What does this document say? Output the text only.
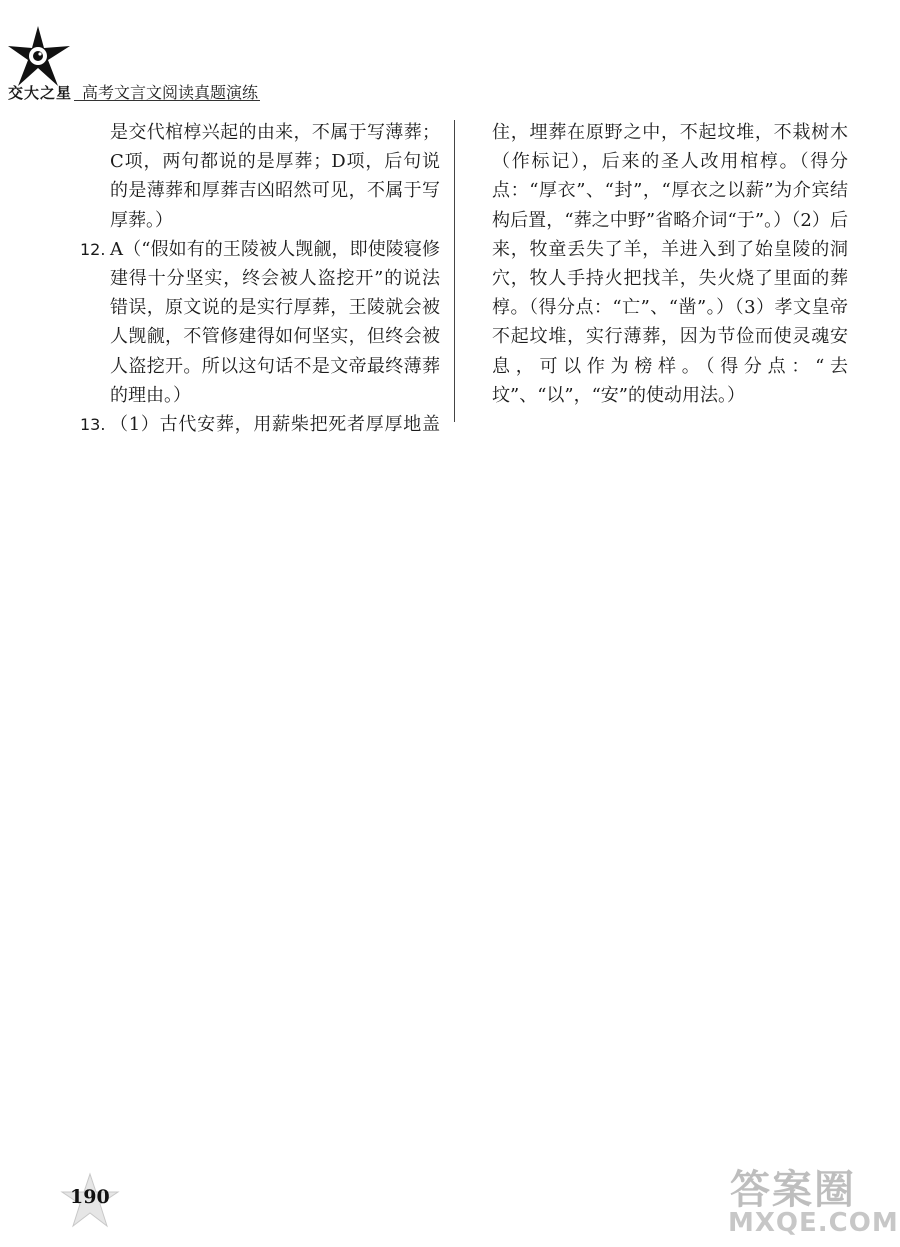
交大之星 高考文言文阅读真题演练
是交代棺椁兴起的由来，不属于写薄葬；C项，两句都说的是厚葬；D项，后句说的是薄葬和厚葬吉凶昭然可见，不属于写厚葬。）
12. A（“假如有的王陵被人觊觎，即使陵寝修建得十分坚实，终会被人盗挖开”的说法错误，原文说的是实行厚葬，王陵就会被人觊觎，不管修建得如何坚实，但终会被人盗挖开。所以这句话不是文帝最终薄葬的理由。）
13. （1）古代安葬，用薪柴把死者厚厚地盖
住，埋葬在原野之中，不起坟堆，不栽树木（作标记），后来的圣人改用棺椁。（得分点：“厚衣”、“封”，“厚衣之以薪”为介宾结构后置，“葬之中野”省略介词“于”。）（2）后来，牧童丢失了羊，羊进入到了始皇陵的洞穴，牧人手持火把找羊，失火烧了里面的葬椁。（得分点：“亡”、“凿”。）（3）孝文皇帝不起坟堆，实行薄葬，因为节俭而使灵魂安息，可以作为榜样。（得分点：“去坟”、“以”，“安”的使动用法。）
190	答案圈
MXQE.COM
